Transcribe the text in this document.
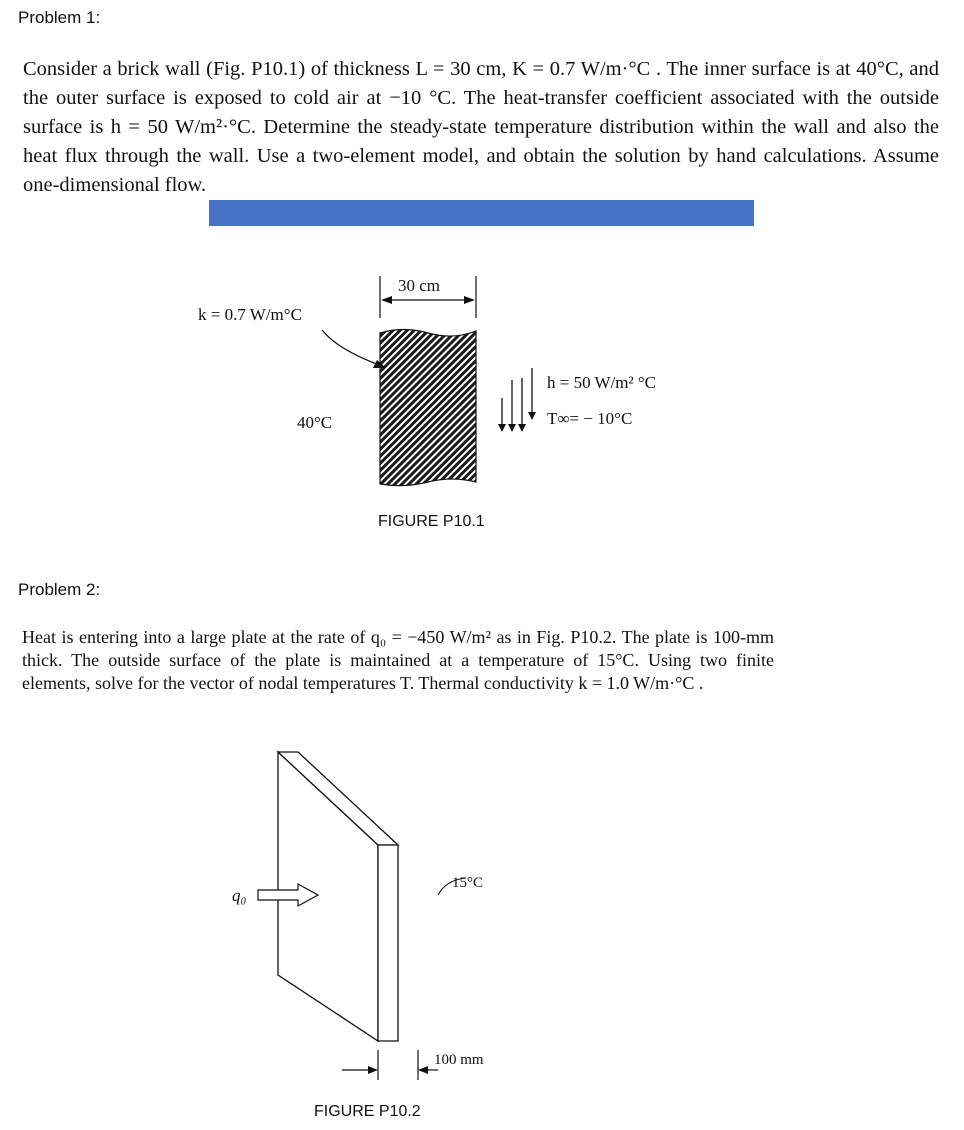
Problem 1:
Consider a brick wall (Fig. P10.1) of thickness L = 30 cm, K = 0.7 W/m·°C . The inner surface is at 40°C, and the outer surface is exposed to cold air at −10 °C. The heat-transfer coefficient associated with the outside surface is h = 50 W/m²·°C. Determine the steady-state temperature distribution within the wall and also the heat flux through the wall. Use a two-element model, and obtain the solution by hand calculations. Assume one-dimensional flow.
30 cm
k = 0.7 W/m°C
40°C
h = 50 W/m² °C
T∞= − 10°C
FIGURE P10.1
Problem 2:
Heat is entering into a large plate at the rate of q₀ = −450 W/m² as in Fig. P10.2. The plate is 100-mm thick. The outside surface of the plate is maintained at a temperature of 15°C. Using two finite elements, solve for the vector of nodal temperatures T. Thermal conductivity k = 1.0 W/m·°C .
q₀
15°C
100 mm
FIGURE P10.2
